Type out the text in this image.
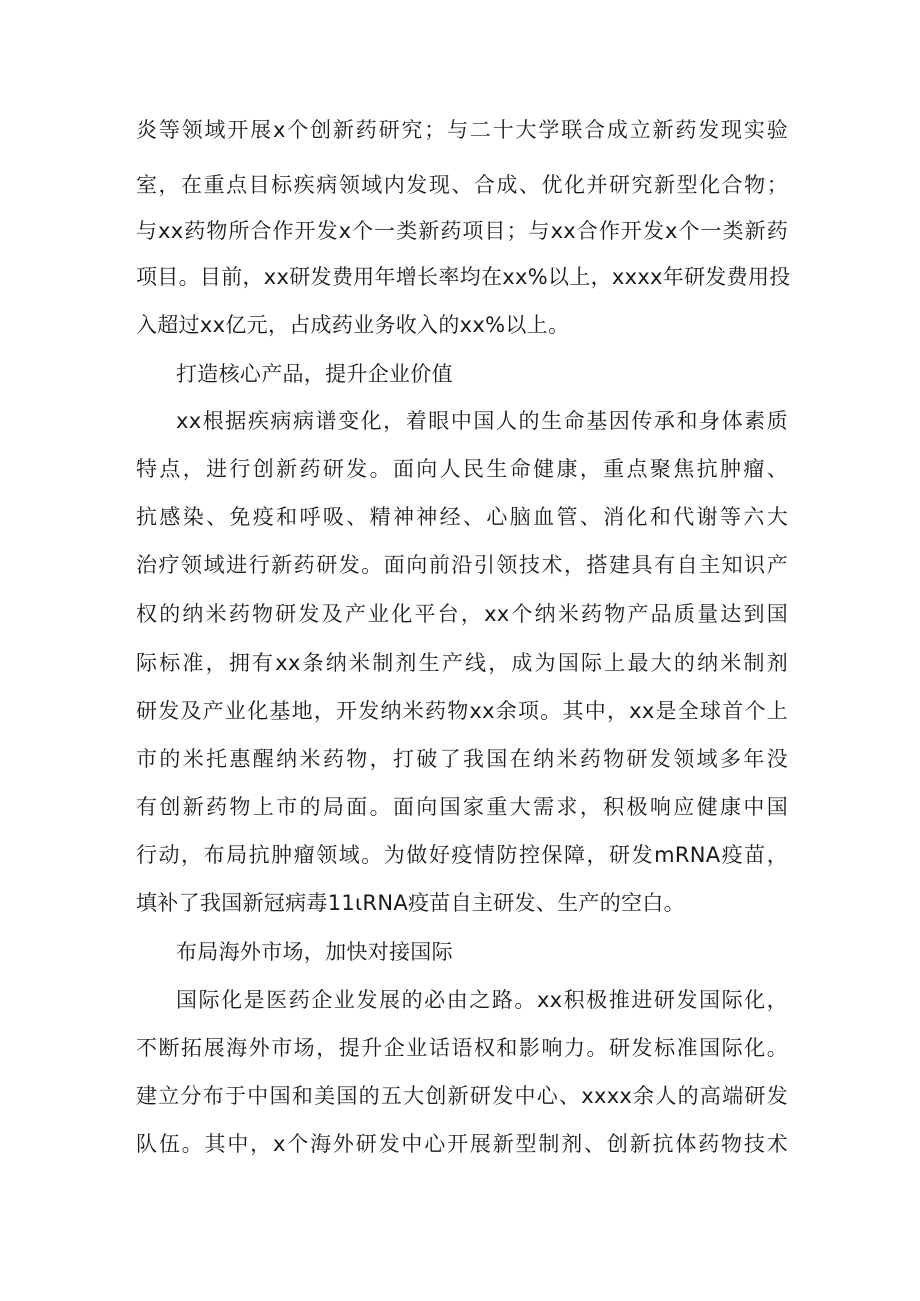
炎等领域开展x个创新药研究；与二十大学联合成立新药发现实验
室，在重点目标疾病领域内发现、合成、优化并研究新型化合物；
与xx药物所合作开发x个一类新药项目；与xx合作开发x个一类新药
项目。目前，xx研发费用年增长率均在xx%以上，xxxx年研发费用投
入超过xx亿元，占成药业务收入的xx%以上。
打造核心产品，提升企业价值
xx根据疾病病谱变化，着眼中国人的生命基因传承和身体素质
特点，进行创新药研发。面向人民生命健康，重点聚焦抗肿瘤、
抗感染、免疫和呼吸、精神神经、心脑血管、消化和代谢等六大
治疗领域进行新药研发。面向前沿引领技术，搭建具有自主知识产
权的纳米药物研发及产业化平台，xx个纳米药物产品质量达到国
际标准，拥有xx条纳米制剂生产线，成为国际上最大的纳米制剂
研发及产业化基地，开发纳米药物xx余项。其中，xx是全球首个上
市的米托惠醒纳米药物，打破了我国在纳米药物研发领域多年没
有创新药物上市的局面。面向国家重大需求，积极响应健康中国
行动，布局抗肿瘤领域。为做好疫情防控保障，研发mRNA疫苗，
填补了我国新冠病毒11ιRNA疫苗自主研发、生产的空白。
布局海外市场，加快对接国际
国际化是医药企业发展的必由之路。xx积极推进研发国际化，
不断拓展海外市场，提升企业话语权和影响力。研发标准国际化。
建立分布于中国和美国的五大创新研发中心、xxxx余人的高端研发
队伍。其中，x个海外研发中心开展新型制剂、创新抗体药物技术
